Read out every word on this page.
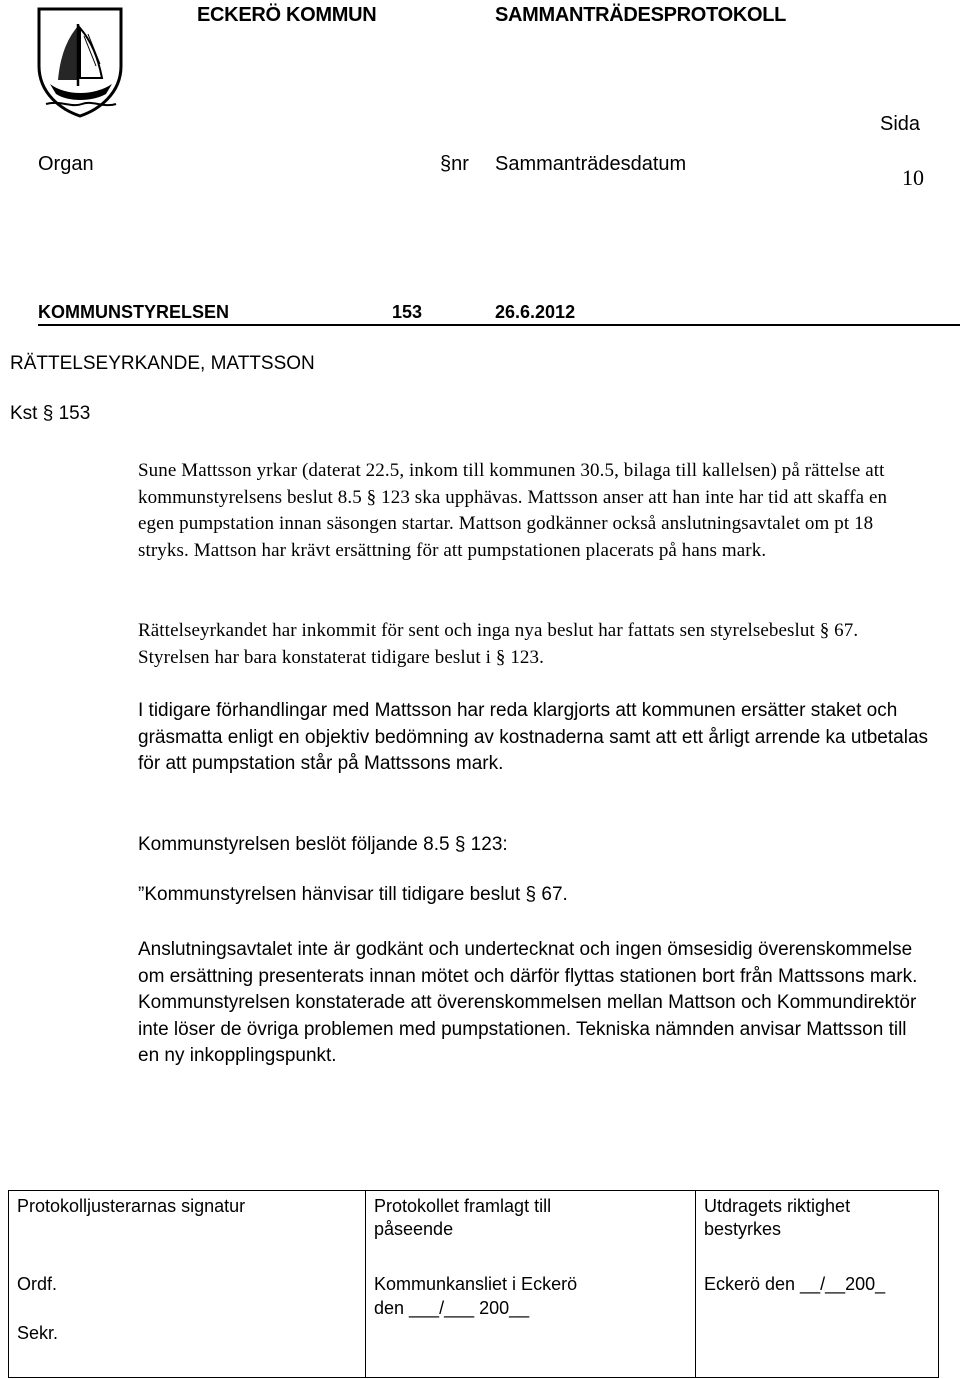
ECKERÖ KOMMUN	SAMMANTRÄDESPROTOKOLL
Sida
10
Organ	§nr Sammanträdesdatum
KOMMUNSTYRELSEN	153	26.6.2012
RÄTTELSEYRKANDE, MATTSSON
Kst § 153

Sune Mattsson yrkar (daterat 22.5, inkom till kommunen 30.5, bilaga till kallelsen) på rättelse att kommunstyrelsens beslut 8.5 § 123 ska upphävas. Mattsson anser att han inte har tid att skaffa en egen pumpstation innan säsongen startar. Mattson godkänner också anslutningsavtalet om pt 18 stryks. Mattson har krävt ersättning för att pumpstationen placerats på hans mark.

Rättelseyrkandet har inkommit för sent och inga nya beslut har fattats sen styrelsebeslut § 67. Styrelsen har bara konstaterat tidigare beslut i § 123.

I tidigare förhandlingar med Mattsson har reda klargjorts att kommunen ersätter staket och gräsmatta enligt en objektiv bedömning av kostnaderna samt att ett årligt arrende ka utbetalas för att pumpstation står på Mattssons mark.

Kommunstyrelsen beslöt följande 8.5 § 123:

”Kommunstyrelsen hänvisar till tidigare beslut § 67.

Anslutningsavtalet inte är godkänt och undertecknat och ingen ömsesidig överenskommelse om ersättning presenterats innan mötet och därför flyttas stationen bort från Mattssons mark. Kommunstyrelsen konstaterade att överenskommelsen mellan Mattson och Kommundirektör inte löser de övriga problemen med pumpstationen. Tekniska nämnden anvisar Mattsson till en ny inkopplingspunkt.

Protokolljusterarnas signatur
Ordf.
Sekr.
Protokollet framlagt till
påseende
Kommunkansliet i Eckerö
den ___/___ 200__
Utdragets riktighet
bestyrkes
Eckerö den __/__200_
